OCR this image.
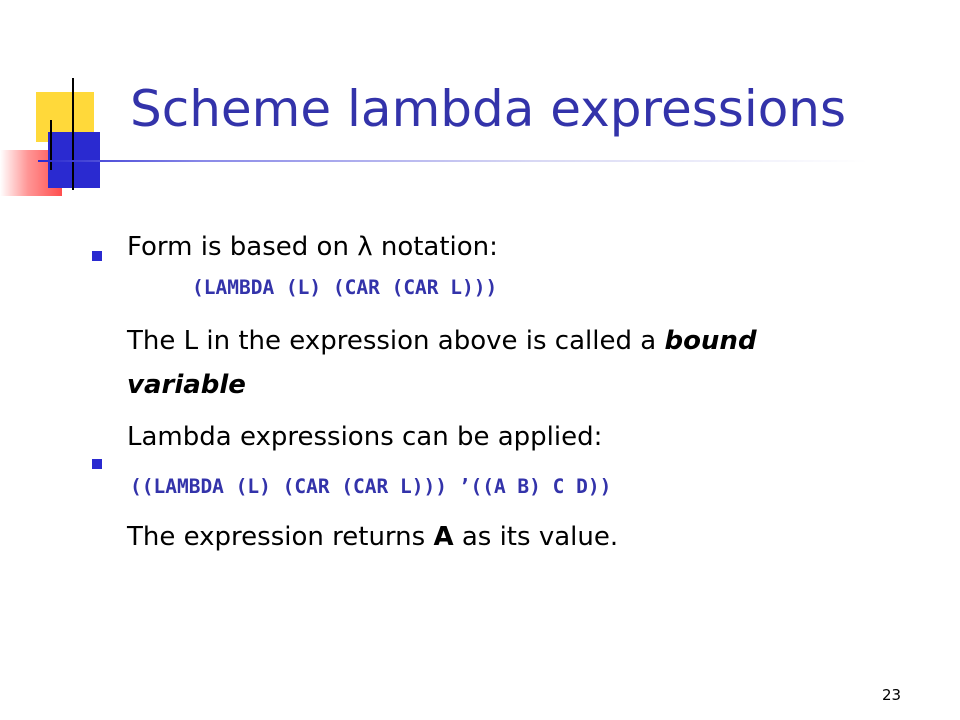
Scheme lambda expressions
Form is based on λ notation:
(LAMBDA (L) (CAR (CAR L)))
The L in the expression above is called a bound
variable
Lambda expressions can be applied:
((LAMBDA (L) (CAR (CAR L))) ’((A B) C D))
The expression returns A as its value.
23
